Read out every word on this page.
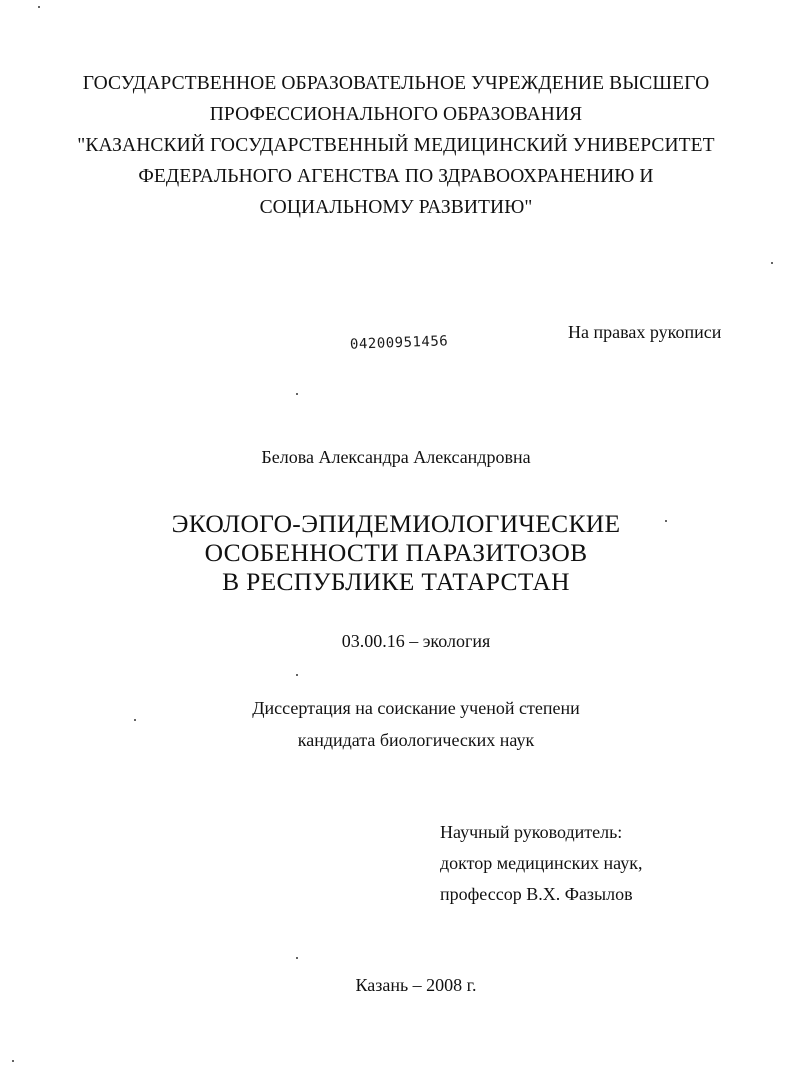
ГОСУДАРСТВЕННОЕ ОБРАЗОВАТЕЛЬНОЕ УЧРЕЖДЕНИЕ ВЫСШЕГО
ПРОФЕССИОНАЛЬНОГО ОБРАЗОВАНИЯ
"КАЗАНСКИЙ ГОСУДАРСТВЕННЫЙ МЕДИЦИНСКИЙ УНИВЕРСИТЕТ
ФЕДЕРАЛЬНОГО АГЕНСТВА ПО ЗДРАВООХРАНЕНИЮ И
СОЦИАЛЬНОМУ РАЗВИТИЮ"
04200951456
На правах рукописи
Белова Александра Александровна
ЭКОЛОГО-ЭПИДЕМИОЛОГИЧЕСКИЕ
ОСОБЕННОСТИ ПАРАЗИТОЗОВ
В РЕСПУБЛИКЕ ТАТАРСТАН
03.00.16 – экология
Диссертация на соискание ученой степени
кандидата биологических наук
Научный руководитель:
доктор медицинских наук,
профессор В.Х. Фазылов
Казань – 2008 г.
